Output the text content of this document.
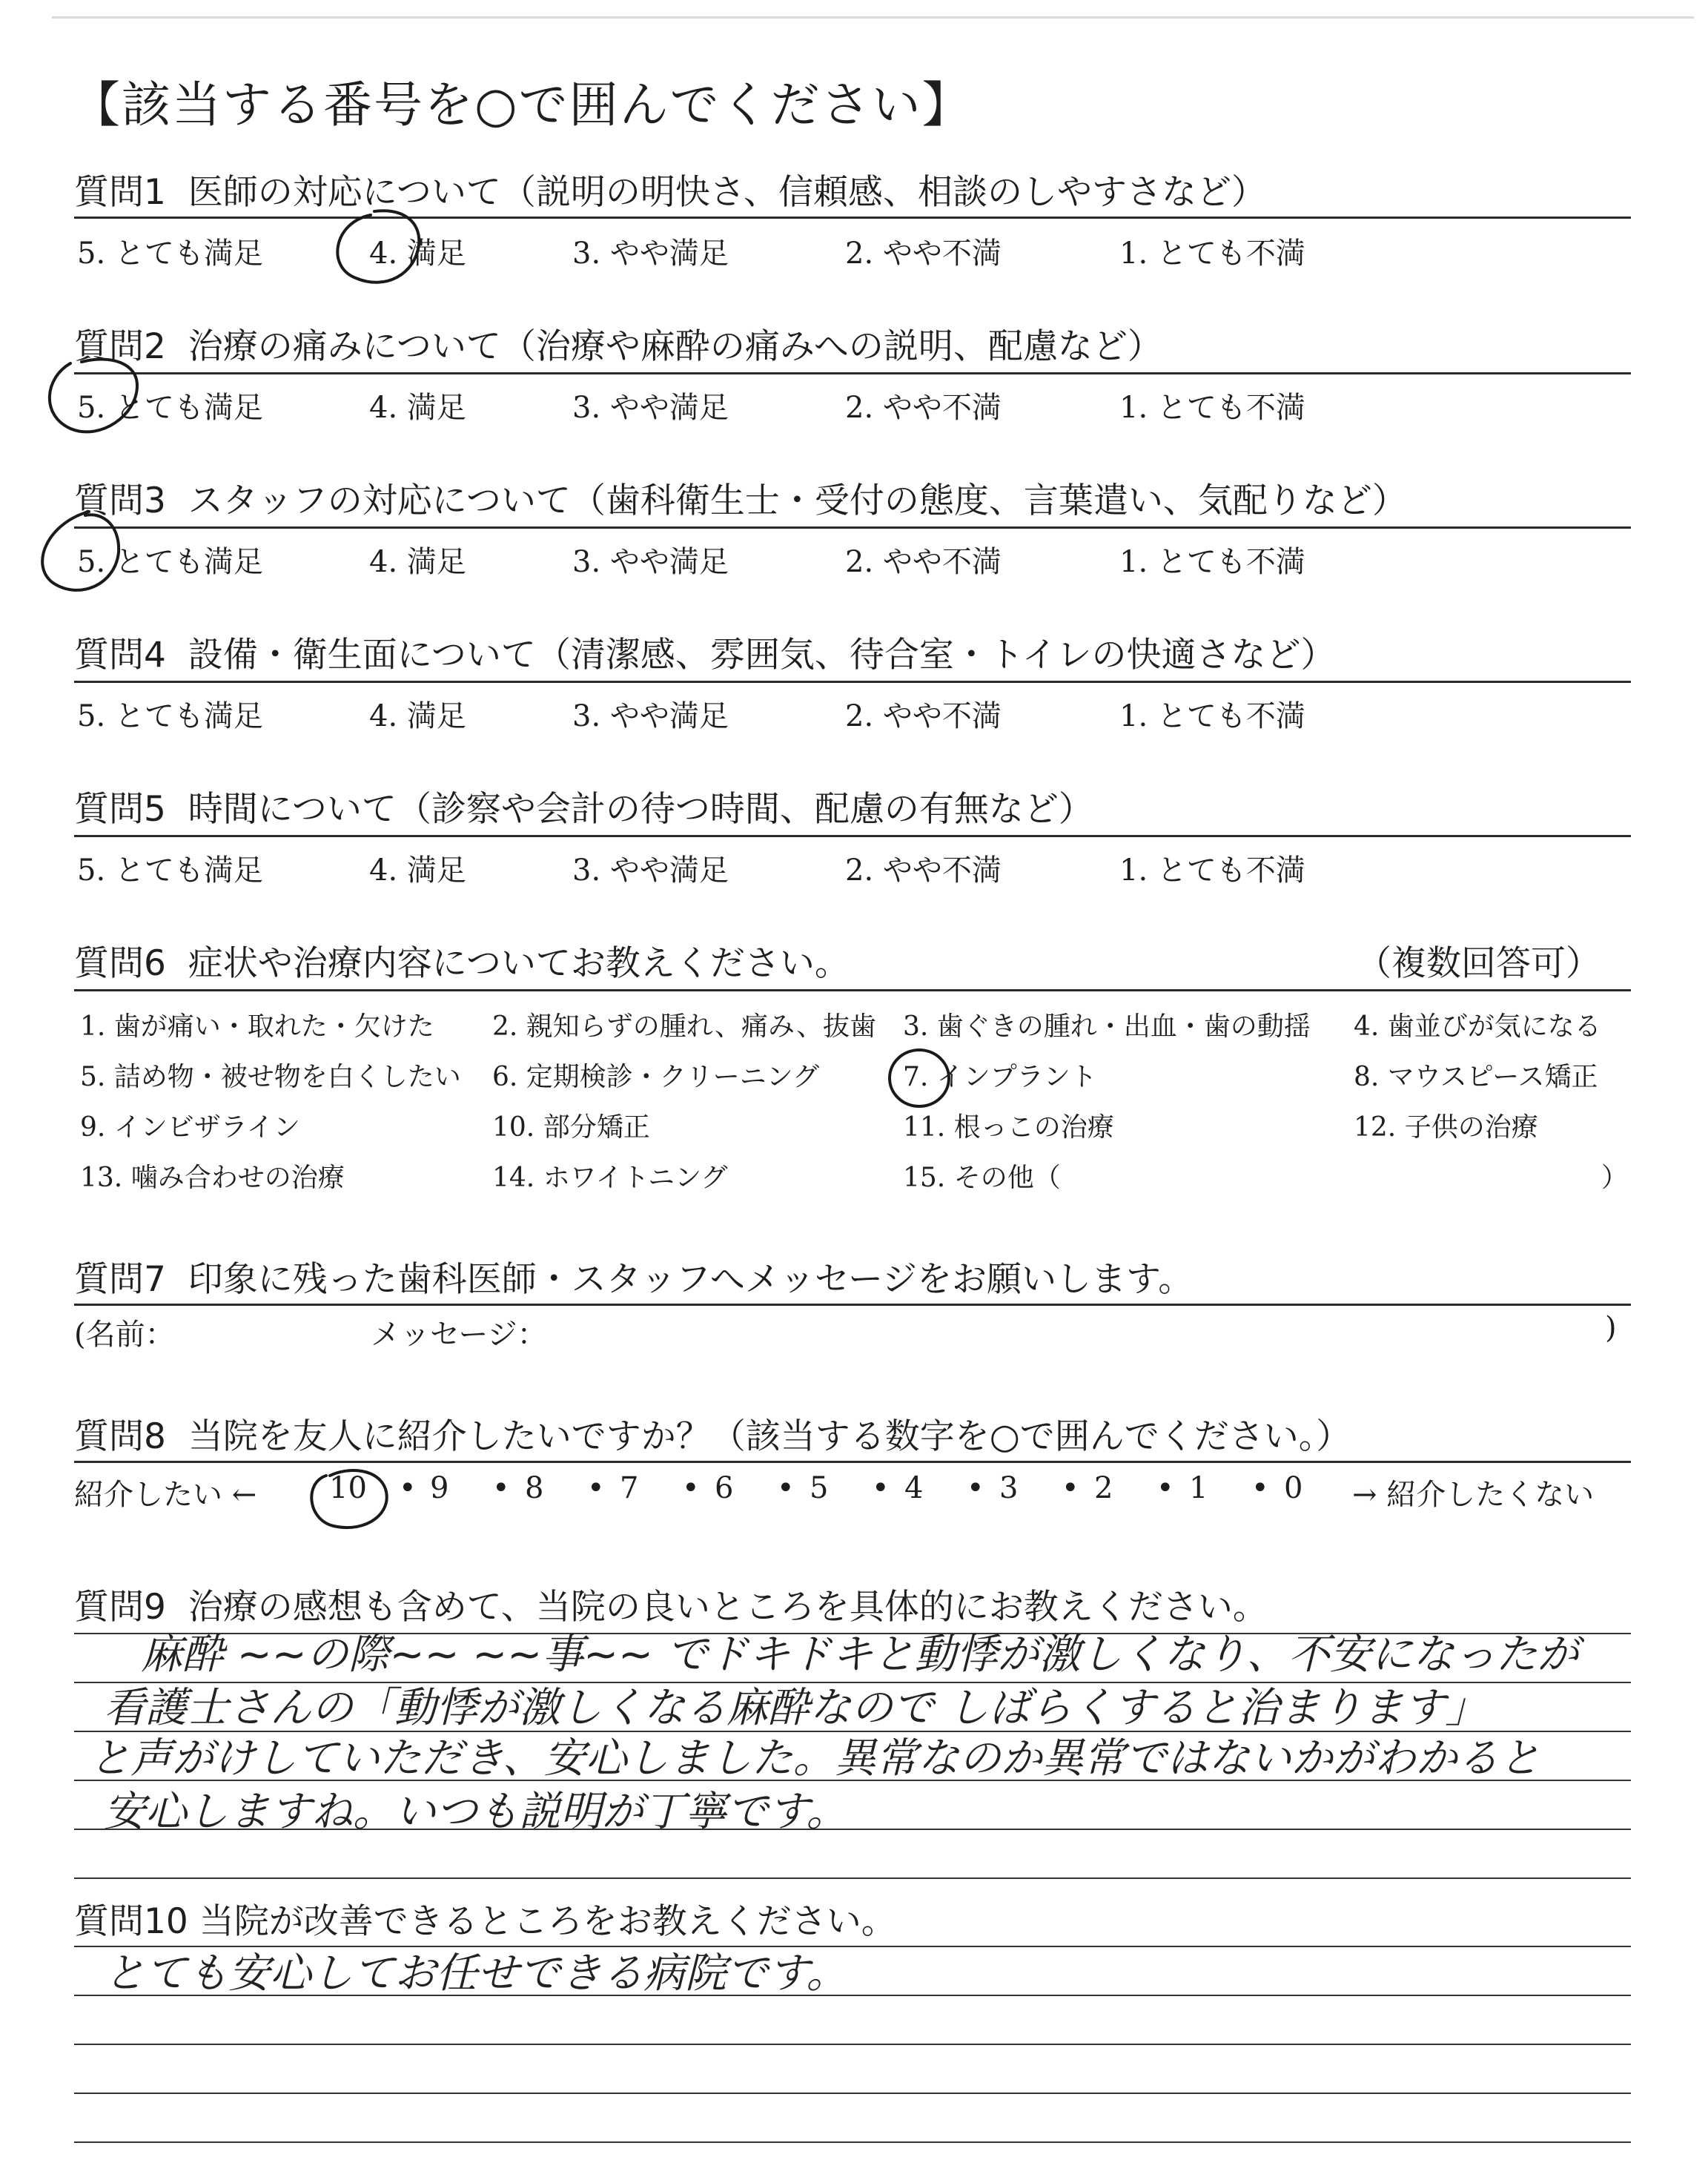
【該当する番号を○で囲んでください】
質問1 医師の対応について（説明の明快さ、信頼感、相談のしやすさなど）
5. とても満足	4. 満足	3. やや満足	2. やや不満	1. とても不満
質問2 治療の痛みについて（治療や麻酔の痛みへの説明、配慮など）
5. とても満足	4. 満足	3. やや満足	2. やや不満	1. とても不満
質問3 スタッフの対応について（歯科衛生士・受付の態度、言葉遣い、気配りなど）
5. とても満足	4. 満足	3. やや満足	2. やや不満	1. とても不満
質問4 設備・衛生面について（清潔感、雰囲気、待合室・トイレの快適さなど）
5. とても満足	4. 満足	3. やや満足	2. やや不満	1. とても不満
質問5 時間について（診察や会計の待つ時間、配慮の有無など）
5. とても満足	4. 満足	3. やや満足	2. やや不満	1. とても不満
質問6 症状や治療内容についてお教えください。	（複数回答可）
1. 歯が痛い・取れた・欠けた 2. 親知らずの腫れ、痛み、抜歯 3. 歯ぐきの腫れ・出血・歯の動揺 4. 歯並びが気になる
5. 詰め物・被せ物を白くしたい 6. 定期検診・クリーニング	7. インプラント	8. マウスピース矯正
9. インビザライン	10. 部分矯正	11. 根っこの治療	12. 子供の治療
13. 噛み合わせの治療	14. ホワイトニング	15. その他（	）
質問7 印象に残った歯科医師・スタッフへメッセージをお願いします。
(名前：	メッセージ：	)
質問8 当院を友人に紹介したいですか？（該当する数字を○で囲んでください。）
紹介したい ← 10 9	8	7	6	5	4	3	2	1	0
•	•	•	•	•	•	•	•	•	•	→ 紹介したくない
質問9 治療の感想も含めて、当院の良いところを具体的にお教えください。
質問10 当院が改善できるところをお教えください。
麻酔 ~~の際~~ ~~事~~ でドキドキと動悸が激しくなり、不安になったが
看護士さんの「動悸が激しくなる麻酔なので しばらくすると治まります」
と声がけしていただき、安心しました。異常なのか異常ではないかがわかると
安心しますね。いつも説明が丁寧です。
とても安心してお任せできる病院です。
